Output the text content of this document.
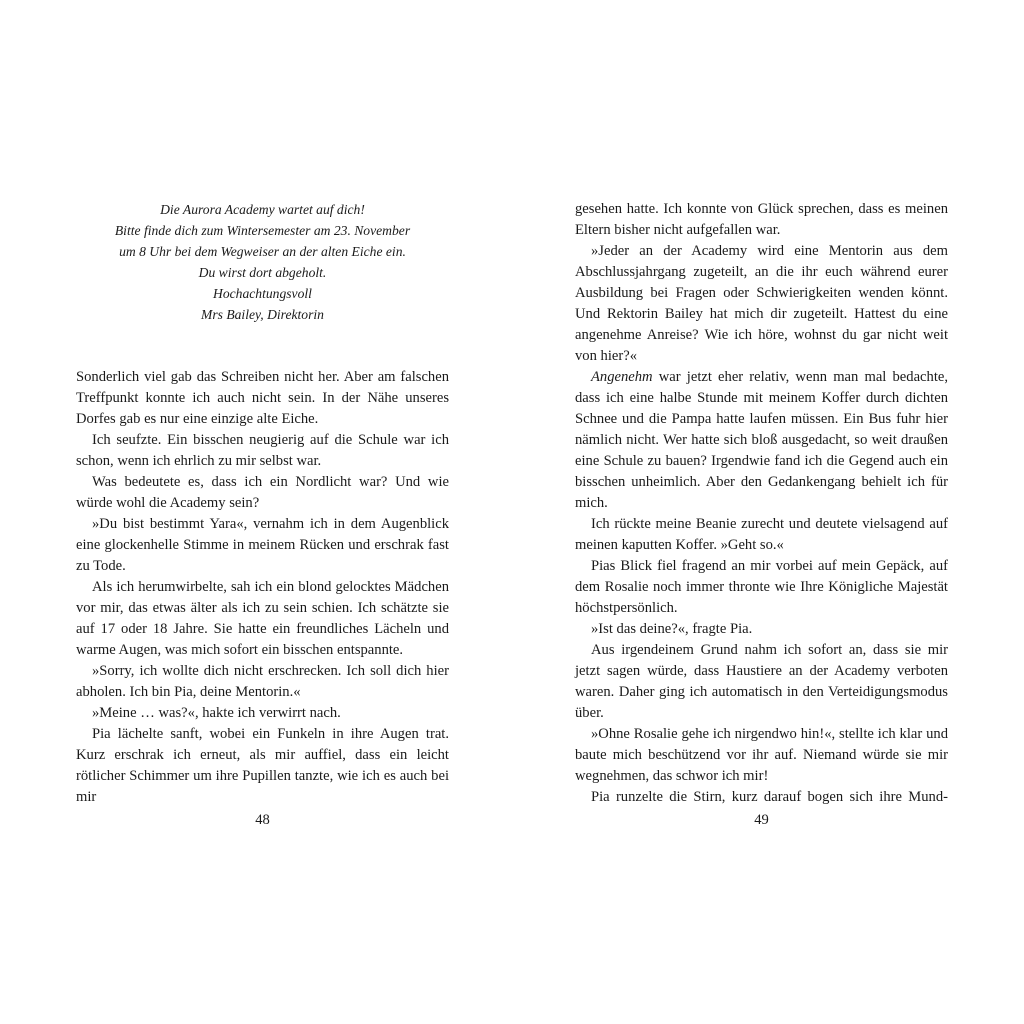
Die Aurora Academy wartet auf dich!
Bitte finde dich zum Wintersemester am 23. November
um 8 Uhr bei dem Wegweiser an der alten Eiche ein.
Du wirst dort abgeholt.
Hochachtungsvoll
Mrs Bailey, Direktorin

Sonderlich viel gab das Schreiben nicht her. Aber am falschen Treffpunkt konnte ich auch nicht sein. In der Nähe unseres Dorfes gab es nur eine einzige alte Eiche.

Ich seufzte. Ein bisschen neugierig auf die Schule war ich schon, wenn ich ehrlich zu mir selbst war.

Was bedeutete es, dass ich ein Nordlicht war? Und wie würde wohl die Academy sein?

»Du bist bestimmt Yara«, vernahm ich in dem Augenblick eine glockenhelle Stimme in meinem Rücken und erschrak fast zu Tode.

Als ich herumwirbelte, sah ich ein blond gelocktes Mädchen vor mir, das etwas älter als ich zu sein schien. Ich schätzte sie auf 17 oder 18 Jahre. Sie hatte ein freundliches Lächeln und warme Augen, was mich sofort ein bisschen entspannte.

»Sorry, ich wollte dich nicht erschrecken. Ich soll dich hier abholen. Ich bin Pia, deine Mentorin.«

»Meine … was?«, hakte ich verwirrt nach.

Pia lächelte sanft, wobei ein Funkeln in ihre Augen trat. Kurz erschrak ich erneut, als mir auffiel, dass ein leicht rötlicher Schimmer um ihre Pupillen tanzte, wie ich es auch bei mir

48

gesehen hatte. Ich konnte von Glück sprechen, dass es meinen Eltern bisher nicht aufgefallen war.

»Jeder an der Academy wird eine Mentorin aus dem Abschlussjahrgang zugeteilt, an die ihr euch während eurer Ausbildung bei Fragen oder Schwierigkeiten wenden könnt. Und Rektorin Bailey hat mich dir zugeteilt. Hattest du eine angenehme Anreise? Wie ich höre, wohnst du gar nicht weit von hier?«

Angenehm war jetzt eher relativ, wenn man mal bedachte, dass ich eine halbe Stunde mit meinem Koffer durch dichten Schnee und die Pampa hatte laufen müssen. Ein Bus fuhr hier nämlich nicht. Wer hatte sich bloß ausgedacht, so weit draußen eine Schule zu bauen? Irgendwie fand ich die Gegend auch ein bisschen unheimlich. Aber den Gedankengang behielt ich für mich.

Ich rückte meine Beanie zurecht und deutete vielsagend auf meinen kaputten Koffer. »Geht so.«

Pias Blick fiel fragend an mir vorbei auf mein Gepäck, auf dem Rosalie noch immer thronte wie Ihre Königliche Majestät höchstpersönlich.

»Ist das deine?«, fragte Pia.

Aus irgendeinem Grund nahm ich sofort an, dass sie mir jetzt sagen würde, dass Haustiere an der Academy verboten waren. Daher ging ich automatisch in den Verteidigungsmodus über.

»Ohne Rosalie gehe ich nirgendwo hin!«, stellte ich klar und baute mich beschützend vor ihr auf. Niemand würde sie mir wegnehmen, das schwor ich mir!

Pia runzelte die Stirn, kurz darauf bogen sich ihre Mund-

49
